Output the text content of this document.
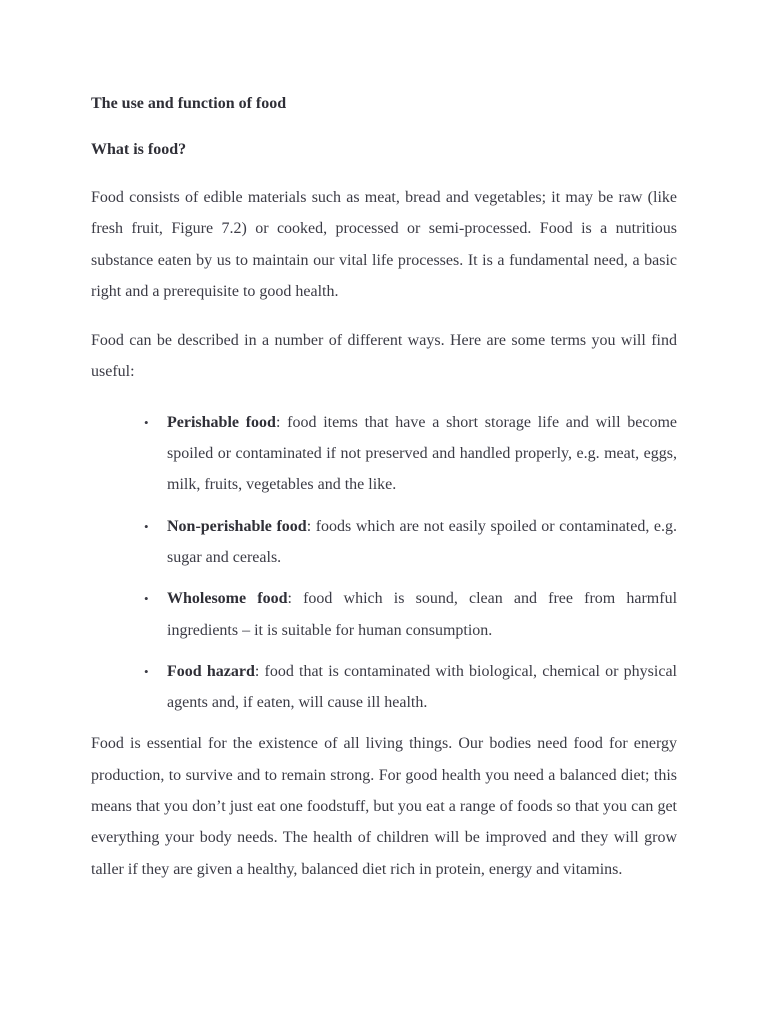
The use and function of food

What is food?

Food consists of edible materials such as meat, bread and vegetables; it may be raw (like fresh fruit, Figure 7.2) or cooked, processed or semi-processed. Food is a nutritious substance eaten by us to maintain our vital life processes. It is a fundamental need, a basic right and a prerequisite to good health.

Food can be described in a number of different ways. Here are some terms you will find useful:

• Perishable food: food items that have a short storage life and will become spoiled or contaminated if not preserved and handled properly, e.g. meat, eggs, milk, fruits, vegetables and the like.
• Non-perishable food: foods which are not easily spoiled or contaminated, e.g. sugar and cereals.
• Wholesome food: food which is sound, clean and free from harmful ingredients – it is suitable for human consumption.
• Food hazard: food that is contaminated with biological, chemical or physical agents and, if eaten, will cause ill health.

Food is essential for the existence of all living things. Our bodies need food for energy production, to survive and to remain strong. For good health you need a balanced diet; this means that you don’t just eat one foodstuff, but you eat a range of foods so that you can get everything your body needs. The health of children will be improved and they will grow taller if they are given a healthy, balanced diet rich in protein, energy and vitamins.
